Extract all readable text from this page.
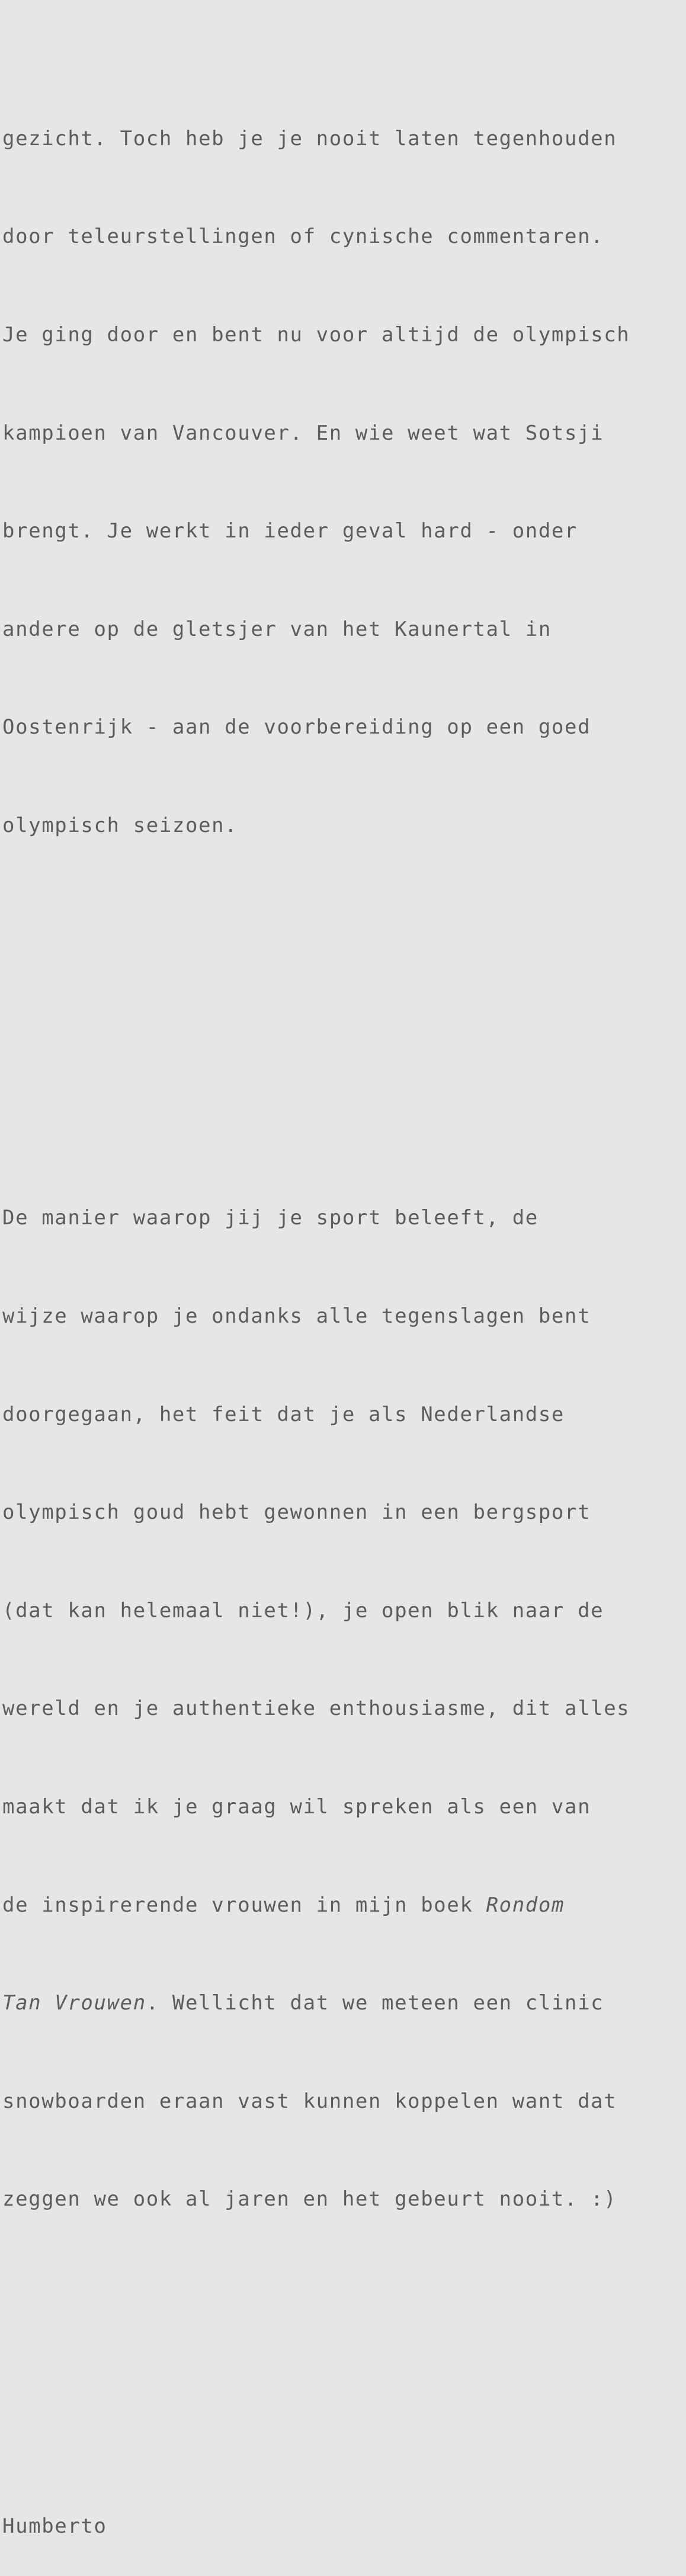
gezicht. Toch heb je je nooit laten tegenhouden

door teleurstellingen of cynische commentaren.

Je ging door en bent nu voor altijd de olympisch

kampioen van Vancouver. En wie weet wat Sotsji

brengt. Je werkt in ieder geval hard - onder

andere op de gletsjer van het Kaunertal in

Oostenrijk - aan de voorbereiding op een goed

olympisch seizoen.

De manier waarop jij je sport beleeft, de

wijze waarop je ondanks alle tegenslagen bent

doorgegaan, het feit dat je als Nederlandse

olympisch goud hebt gewonnen in een bergsport

(dat kan helemaal niet!), je open blik naar de

wereld en je authentieke enthousiasme, dit alles

maakt dat ik je graag wil spreken als een van

de inspirerende vrouwen in mijn boek Rondom

Tan Vrouwen. Wellicht dat we meteen een clinic

snowboarden eraan vast kunnen koppelen want dat

zeggen we ook al jaren en het gebeurt nooit. :)

Humberto
